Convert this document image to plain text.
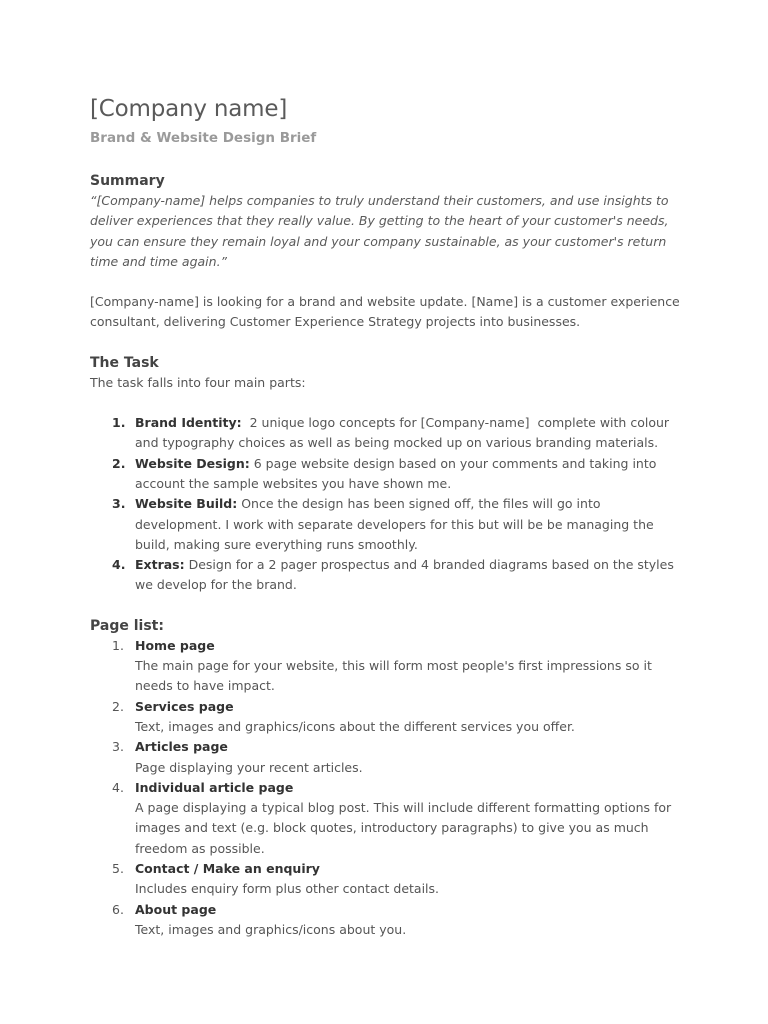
[Company name]
Brand & Website Design Brief
Summary

“[Company-name] helps companies to truly understand their customers, and use insights to deliver experiences that they really value. By getting to the heart of your customer's needs, you can ensure they remain loyal and your company sustainable, as your customer's return time and time again.”

[Company-name] is looking for a brand and website update. [Name] is a customer experience consultant, delivering Customer Experience Strategy projects into businesses.

The Task

The task falls into four main parts:

1. Brand Identity:  2 unique logo concepts for [Company-name]  complete with colour and typography choices as well as being mocked up on various branding materials.
2. Website Design: 6 page website design based on your comments and taking into account the sample websites you have shown me.
3. Website Build: Once the design has been signed off, the files will go into development. I work with separate developers for this but will be be managing the build, making sure everything runs smoothly.
4. Extras: Design for a 2 pager prospectus and 4 branded diagrams based on the styles we develop for the brand.
Page list:
1. Home page
The main page for your website, this will form most people's first impressions so it needs to have impact.
2. Services page
Text, images and graphics/icons about the different services you offer.
3. Articles page
Page displaying your recent articles.
4. Individual article page
A page displaying a typical blog post. This will include different formatting options for images and text (e.g. block quotes, introductory paragraphs) to give you as much freedom as possible.
5. Contact / Make an enquiry
Includes enquiry form plus other contact details.
6. About page
Text, images and graphics/icons about you.
